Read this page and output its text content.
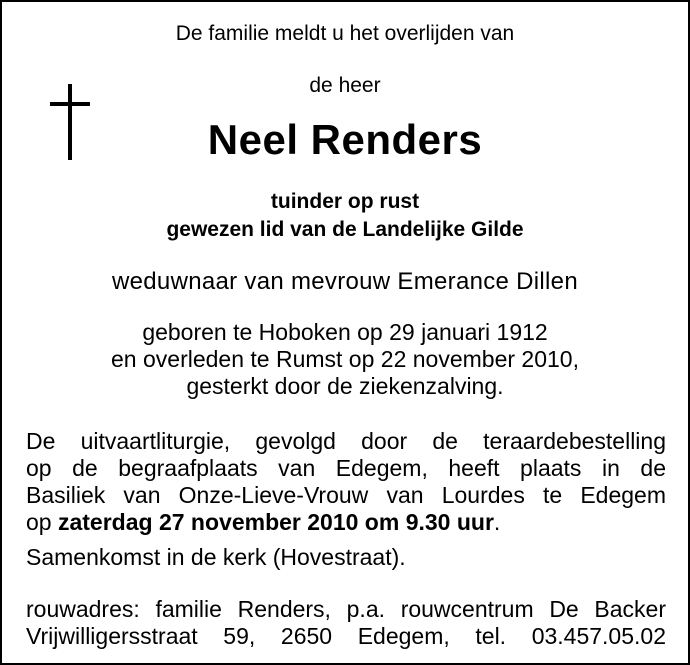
De familie meldt u het overlijden van
de heer
Neel Renders
tuinder op rust
gewezen lid van de Landelijke Gilde
weduwnaar van mevrouw Emerance Dillen
geboren te Hoboken op 29 januari 1912
en overleden te Rumst op 22 november 2010,
gesterkt door de ziekenzalving.
De uitvaartliturgie, gevolgd door de teraardebestelling
op de begraafplaats van Edegem, heeft plaats in de
Basiliek van Onze-Lieve-Vrouw van Lourdes te Edegem
op zaterdag 27 november 2010 om 9.30 uur.
Samenkomst in de kerk (Hovestraat).
rouwadres: familie Renders, p.a. rouwcentrum De Backer
Vrijwilligersstraat 59, 2650 Edegem, tel. 03.457.05.02
